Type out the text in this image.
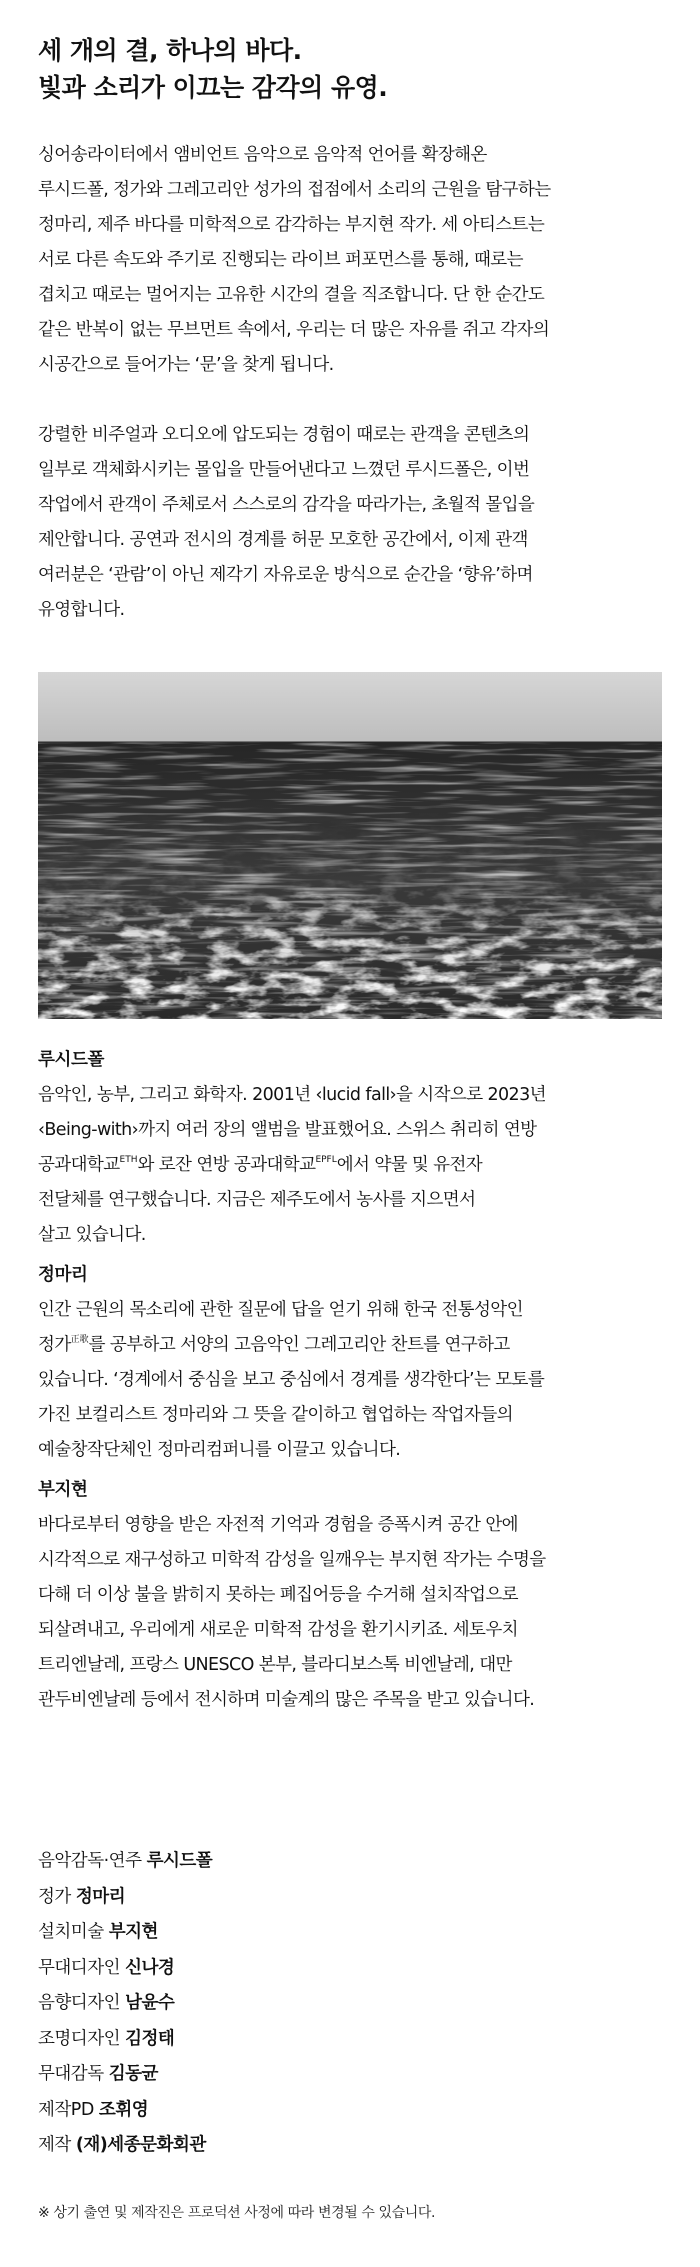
세 개의 결, 하나의 바다.
빛과 소리가 이끄는 감각의 유영.
싱어송라이터에서 앰비언트 음악으로 음악적 언어를 확장해온
루시드폴, 정가와 그레고리안 성가의 접점에서 소리의 근원을 탐구하는
정마리, 제주 바다를 미학적으로 감각하는 부지현 작가. 세 아티스트는
서로 다른 속도와 주기로 진행되는 라이브 퍼포먼스를 통해, 때로는
겹치고 때로는 멀어지는 고유한 시간의 결을 직조합니다. 단 한 순간도
같은 반복이 없는 무브먼트 속에서, 우리는 더 많은 자유를 쥐고 각자의
시공간으로 들어가는 ‘문’을 찾게 됩니다.
강렬한 비주얼과 오디오에 압도되는 경험이 때로는 관객을 콘텐츠의
일부로 객체화시키는 몰입을 만들어낸다고 느꼈던 루시드폴은, 이번
작업에서 관객이 주체로서 스스로의 감각을 따라가는, 초월적 몰입을
제안합니다. 공연과 전시의 경계를 허문 모호한 공간에서, 이제 관객
여러분은 ‘관람’이 아닌 제각기 자유로운 방식으로 순간을 ‘향유’하며
유영합니다.
루시드폴
음악인, 농부, 그리고 화학자. 2001년 ‹lucid fall›을 시작으로 2023년
‹Being-with›까지 여러 장의 앨범을 발표했어요. 스위스 취리히 연방
공과대학교$^{ETH}$와 로잔 연방 공과대학교$^{EPFL}$에서 약물 및 유전자
전달체를 연구했습니다. 지금은 제주도에서 농사를 지으면서
살고 있습니다.
정마리
인간 근원의 목소리에 관한 질문에 답을 얻기 위해 한국 전통성악인
정가$^{正歌}$를 공부하고 서양의 고음악인 그레고리안 찬트를 연구하고
있습니다. ‘경계에서 중심을 보고 중심에서 경계를 생각한다’는 모토를
가진 보컬리스트 정마리와 그 뜻을 같이하고 협업하는 작업자들의
예술창작단체인 정마리컴퍼니를 이끌고 있습니다.
부지현
바다로부터 영향을 받은 자전적 기억과 경험을 증폭시켜 공간 안에
시각적으로 재구성하고 미학적 감성을 일깨우는 부지현 작가는 수명을
다해 더 이상 불을 밝히지 못하는 폐집어등을 수거해 설치작업으로
되살려내고, 우리에게 새로운 미학적 감성을 환기시키죠. 세토우치
트리엔날레, 프랑스 UNESCO 본부, 블라디보스톡 비엔날레, 대만
관두비엔날레 등에서 전시하며 미술계의 많은 주목을 받고 있습니다.
음악감독·연주 루시드폴
정가 정마리
설치미술 부지현
무대디자인 신나경
음향디자인 남윤수
조명디자인 김정태
무대감독 김동균
제작PD 조휘영
제작 (재)세종문화회관
※ 상기 출연 및 제작진은 프로덕션 사정에 따라 변경될 수 있습니다.
